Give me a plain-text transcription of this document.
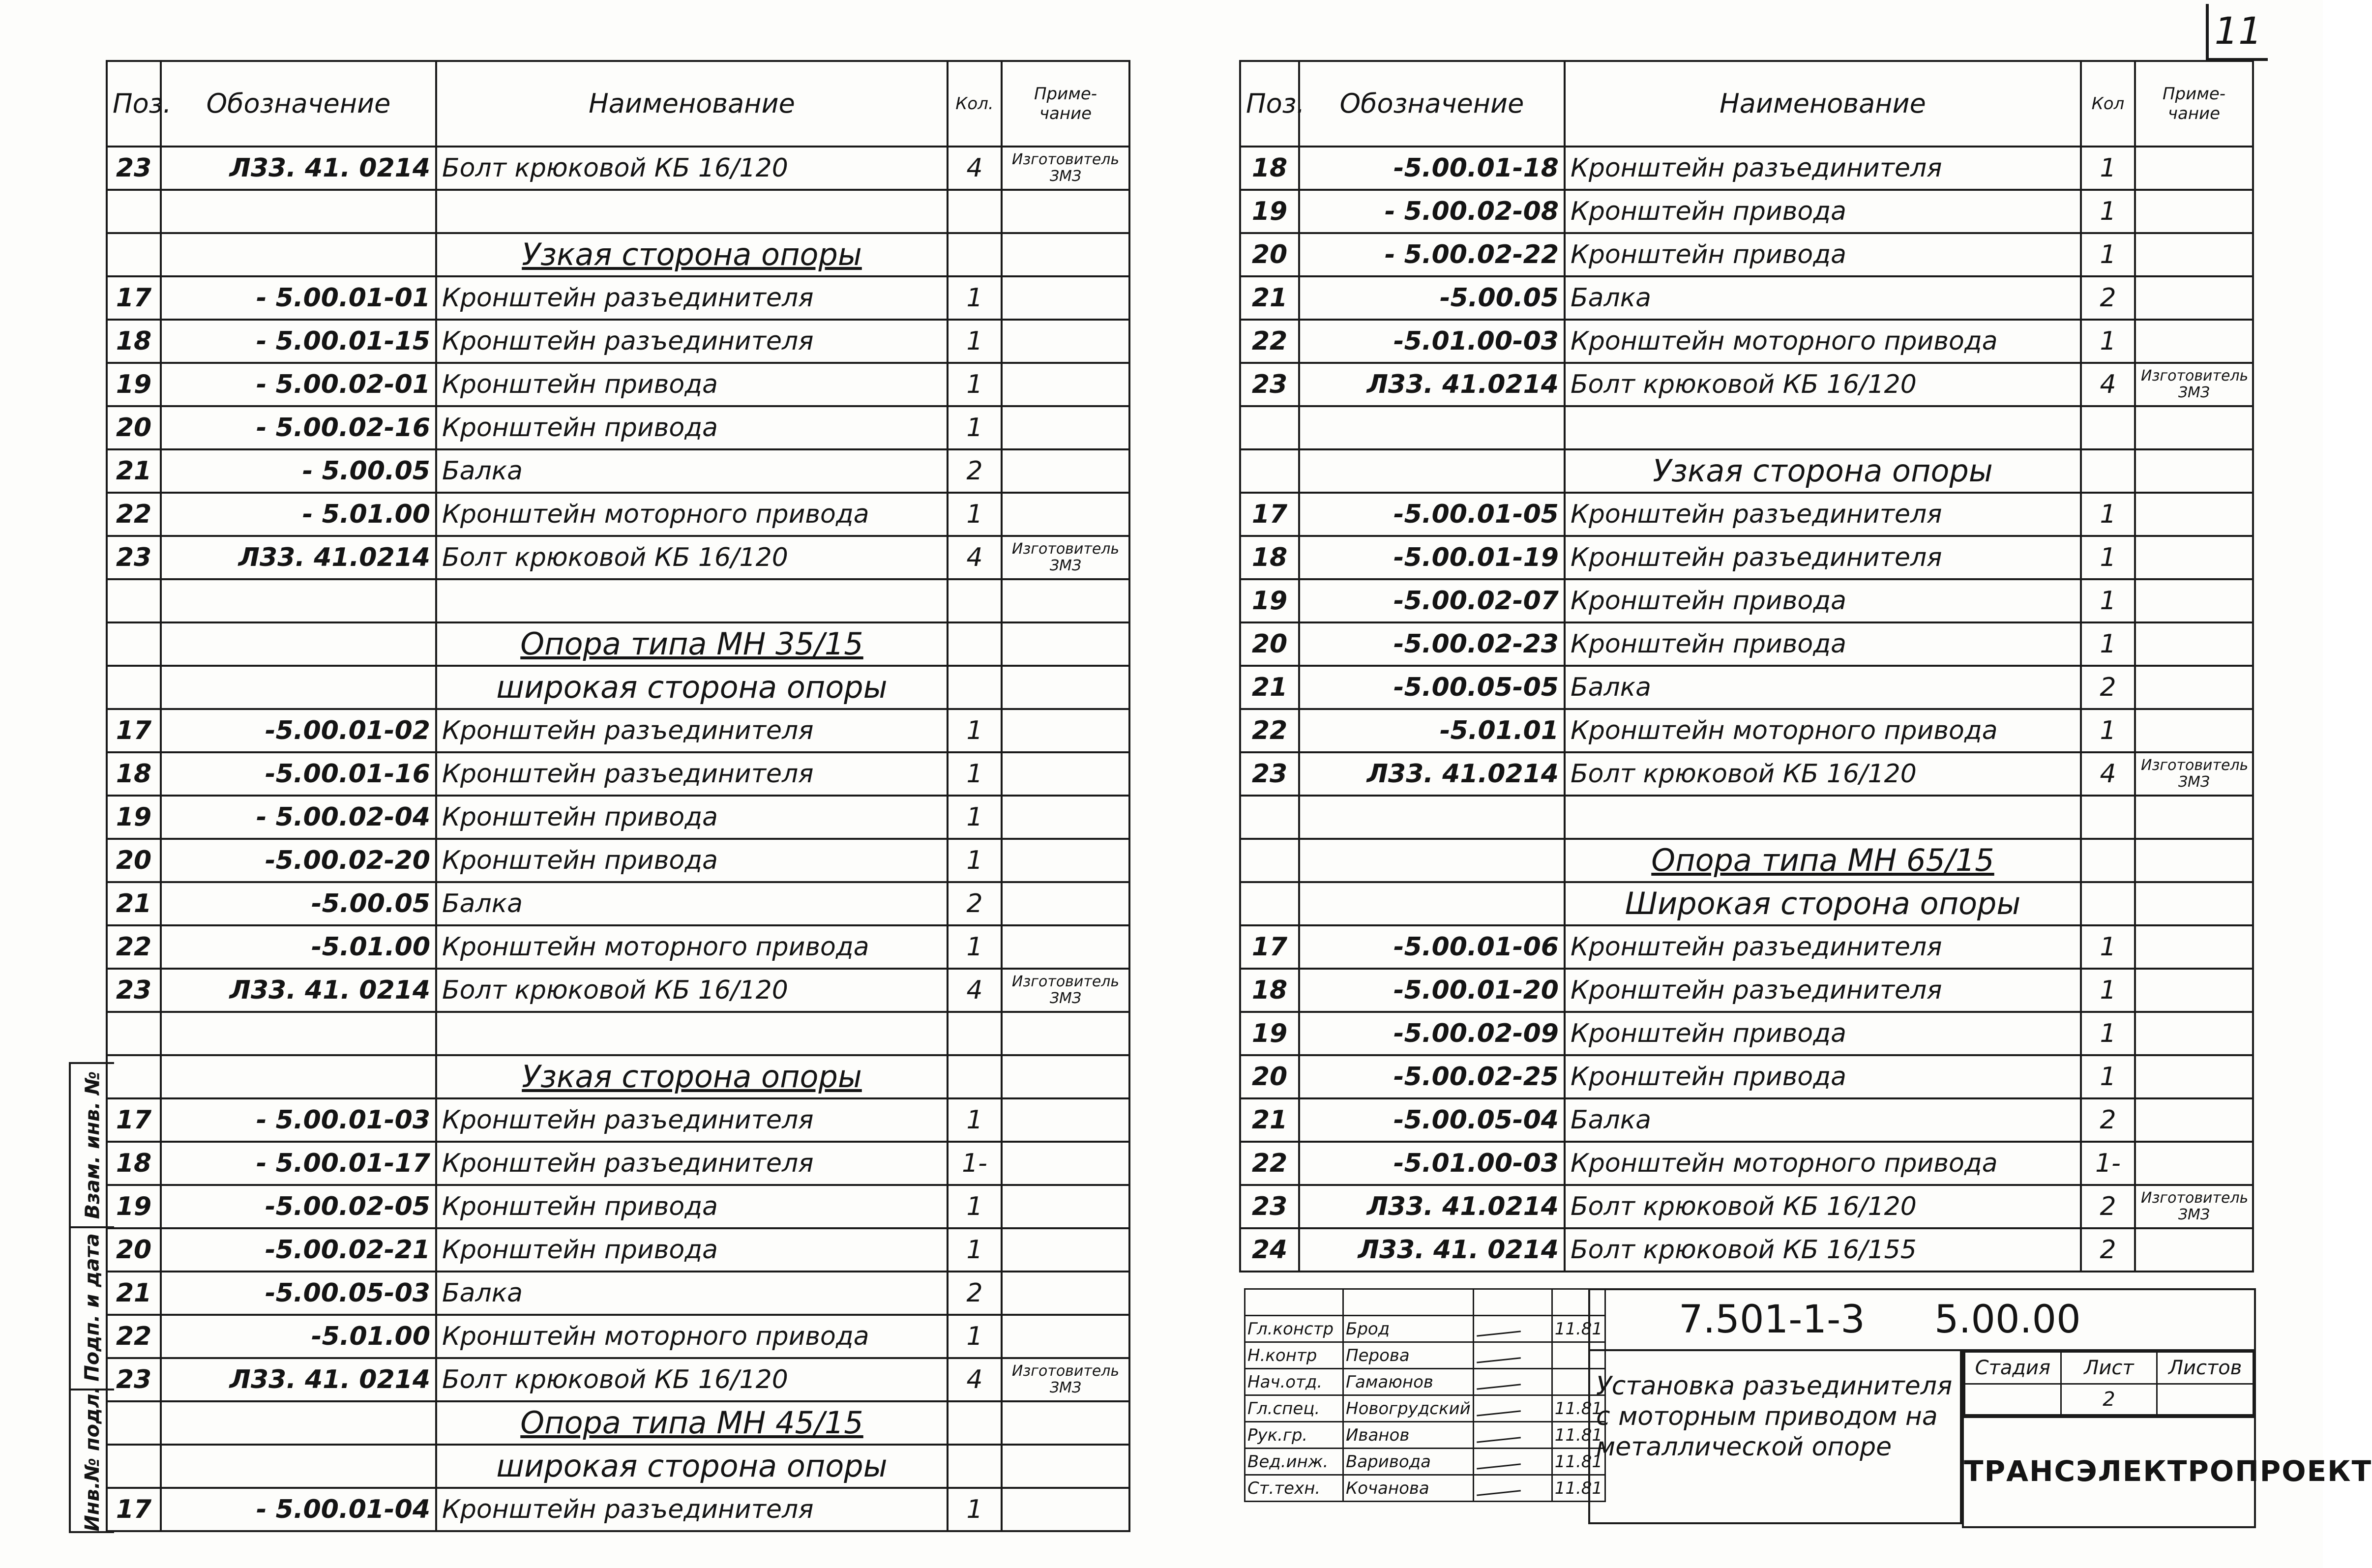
11
Поз.	Обозначение	Наименование	Кол.	Приме- чание
23	Л33. 41. 0214	Болт крюковой КБ 16/120	4	Изготовитель ЗМЗ

		Узкая сторона опоры		
17	- 5.00.01-01	Кронштейн разъединителя	1	
18	- 5.00.01-15	Кронштейн разъединителя	1	
19	- 5.00.02-01	Кронштейн привода	1	
20	- 5.00.02-16	Кронштейн привода	1	
21	- 5.00.05	Балка	2	
22	- 5.01.00	Кронштейн моторного привода	1	
23	Л33. 41.0214	Болт крюковой КБ 16/120	4	Изготовитель ЗМЗ

		Опора типа МН 35/15		
		широкая сторона опоры		
17	-5.00.01-02	Кронштейн разъединителя	1	
18	-5.00.01-16	Кронштейн разъединителя	1	
19	- 5.00.02-04	Кронштейн привода	1	
20	-5.00.02-20	Кронштейн привода	1	
21	-5.00.05	Балка	2	
22	-5.01.00	Кронштейн моторного привода	1	
23	Л33. 41. 0214	Болт крюковой КБ 16/120	4	Изготовитель ЗМЗ

		Узкая сторона опоры		
17	- 5.00.01-03	Кронштейн разъединителя	1	
18	- 5.00.01-17	Кронштейн разъединителя	1-	
19	-5.00.02-05	Кронштейн привода	1	
20	-5.00.02-21	Кронштейн привода	1	
21	-5.00.05-03	Балка	2	
22	-5.01.00	Кронштейн моторного привода	1	
23	Л33. 41. 0214	Болт крюковой КБ 16/120	4	Изготовитель ЗМЗ
		Опора типа МН 45/15		
		широкая сторона опоры		
17	- 5.00.01-04	Кронштейн разъединителя	1	
Поз.	Обозначение	Наименование	Кол	Приме- чание
18	-5.00.01-18	Кронштейн разъединителя	1	
19	- 5.00.02-08	Кронштейн привода	1	
20	- 5.00.02-22	Кронштейн привода	1	
21	-5.00.05	Балка	2	
22	-5.01.00-03	Кронштейн моторного привода	1	
23	Л33. 41.0214	Болт крюковой КБ 16/120	4	Изготовитель ЗМЗ

		Узкая сторона опоры		
17	-5.00.01-05	Кронштейн разъединителя	1	
18	-5.00.01-19	Кронштейн разъединителя	1	
19	-5.00.02-07	Кронштейн привода	1	
20	-5.00.02-23	Кронштейн привода	1	
21	-5.00.05-05	Балка	2	
22	-5.01.01	Кронштейн моторного привода	1	
23	Л33. 41.0214	Болт крюковой КБ 16/120	4	Изготовитель ЗМЗ

		Опора типа МН 65/15		
		Широкая сторона опоры		
17	-5.00.01-06	Кронштейн разъединителя	1	
18	-5.00.01-20	Кронштейн разъединителя	1	
19	-5.00.02-09	Кронштейн привода	1	
20	-5.00.02-25	Кронштейн привода	1	
21	-5.00.05-04	Балка	2	
22	-5.01.00-03	Кронштейн моторного привода	1-	
23	Л33. 41.0214	Болт крюковой КБ 16/120	2	Изготовитель ЗМЗ
24	Л33. 41. 0214	Болт крюковой КБ 16/155	2	
Взам. инв. №
Подп. и дата
Инв.№ подл.

Гл.констр	Брод		11.81
Н.контр	Перова		
Нач.отд.	Гамаюнов		
Гл.спец.	Новогрудский		11.81
Рук.гр.	Иванов		11.81
Вед.инж.	Варивода		11.81
Ст.техн.	Кочанова		11.81
7.501-1-3 5.00.00
Установка разъединителя
с моторным приводом на
металлической опоре
Стадия	Лист	Листов
	2	
ТРАНСЭЛЕКТРОПРОЕКТ
